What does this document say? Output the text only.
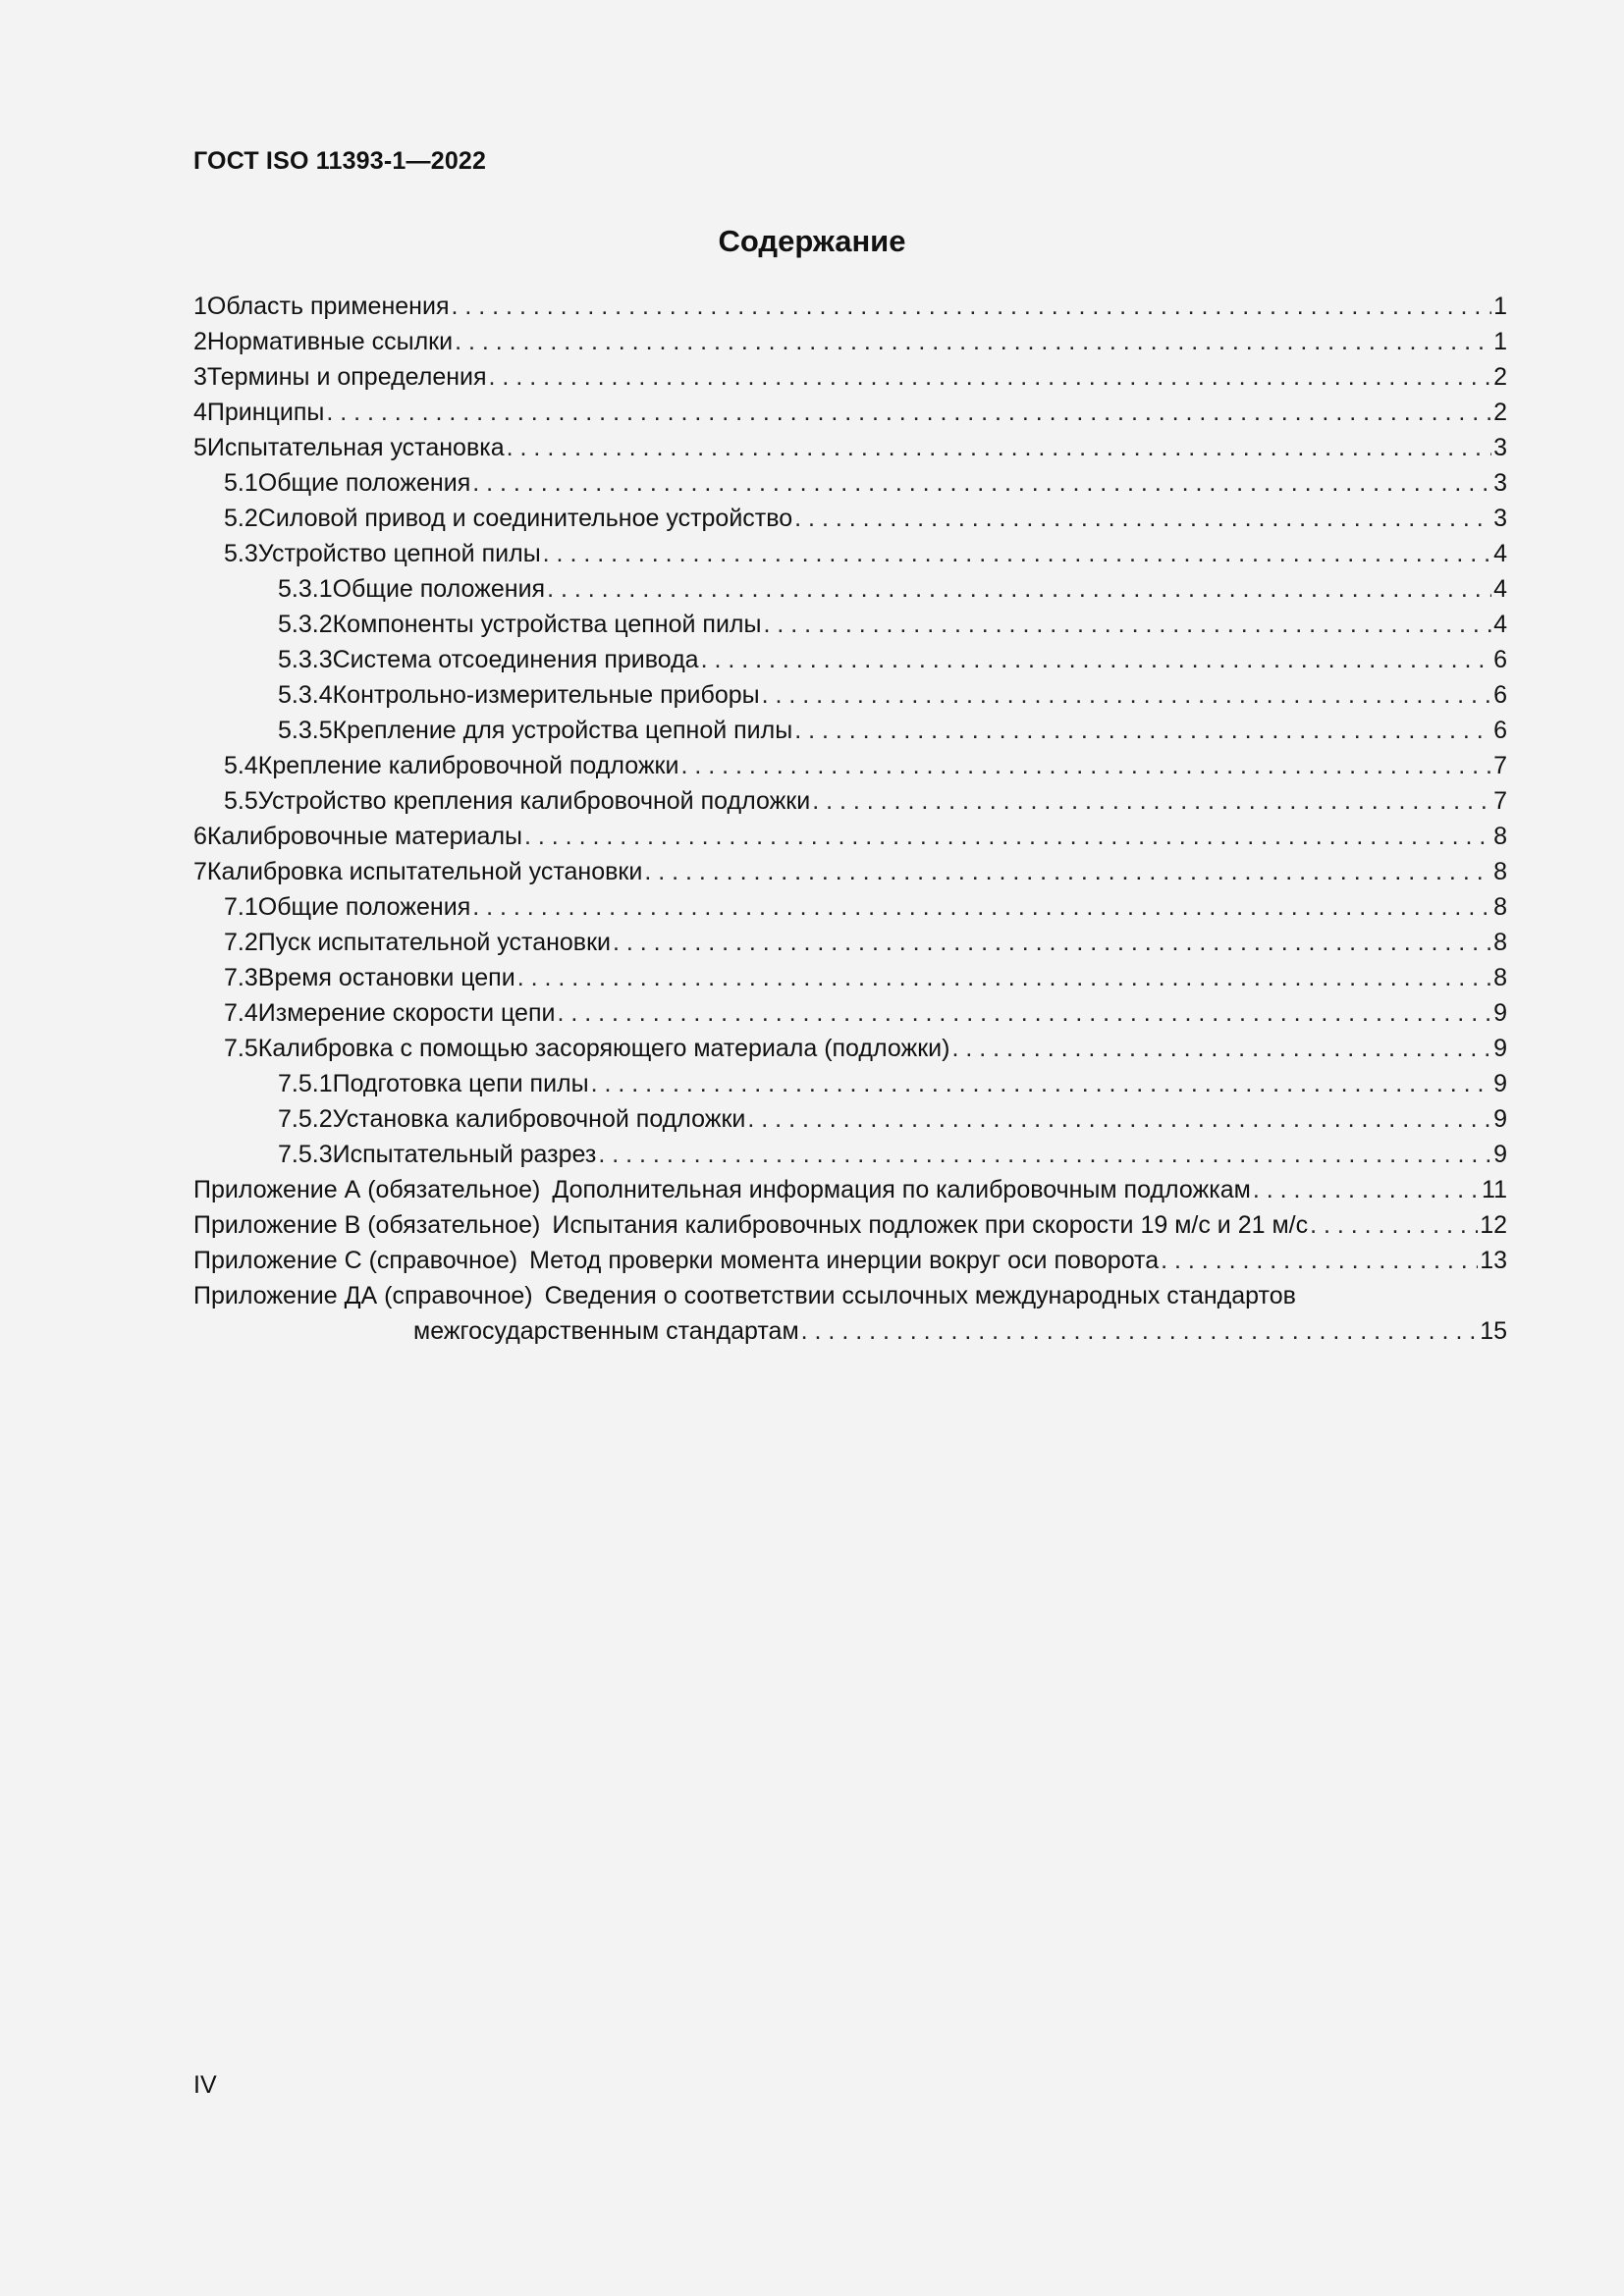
ГОСТ ISO 11393-1—2022
Содержание
1 Область применения . . .	1
2 Нормативные ссылки . . .	1
3 Термины и определения . . .	2
4 Принципы . . .	2
5 Испытательная установка . . .	3
5.1 Общие положения . . .	3
5.2 Силовой привод и соединительное устройство . . .	3
5.3 Устройство цепной пилы . . .	4
5.3.1 Общие положения . . .	4
5.3.2 Компоненты устройства цепной пилы . . .	4
5.3.3 Система отсоединения привода . . .	6
5.3.4 Контрольно-измерительные приборы . . .	6
5.3.5 Крепление для устройства цепной пилы . . .	6
5.4 Крепление калибровочной подложки . . .	7
5.5 Устройство крепления калибровочной подложки . . .	7
6 Калибровочные материалы . . .	8
7 Калибровка испытательной установки . . .	8
7.1 Общие положения . . .	8
7.2 Пуск испытательной установки . . .	8
7.3 Время остановки цепи . . .	8
7.4 Измерение скорости цепи . . .	9
7.5 Калибровка с помощью засоряющего материала (подложки) . . .	9
7.5.1 Подготовка цепи пилы . . .	9
7.5.2 Установка калибровочной подложки . . .	9
7.5.3 Испытательный разрез . . .	9
Приложение А (обязательное) Дополнительная информация по калибровочным подложкам . . .	11
Приложение В (обязательное) Испытания калибровочных подложек при скорости 19 м/с и 21 м/с . . .	12
Приложение С (справочное) Метод проверки момента инерции вокруг оси поворота . . .	13
Приложение ДА (справочное) Сведения о соответствии ссылочных международных стандартов
межгосударственным стандартам . . .	15
IV
